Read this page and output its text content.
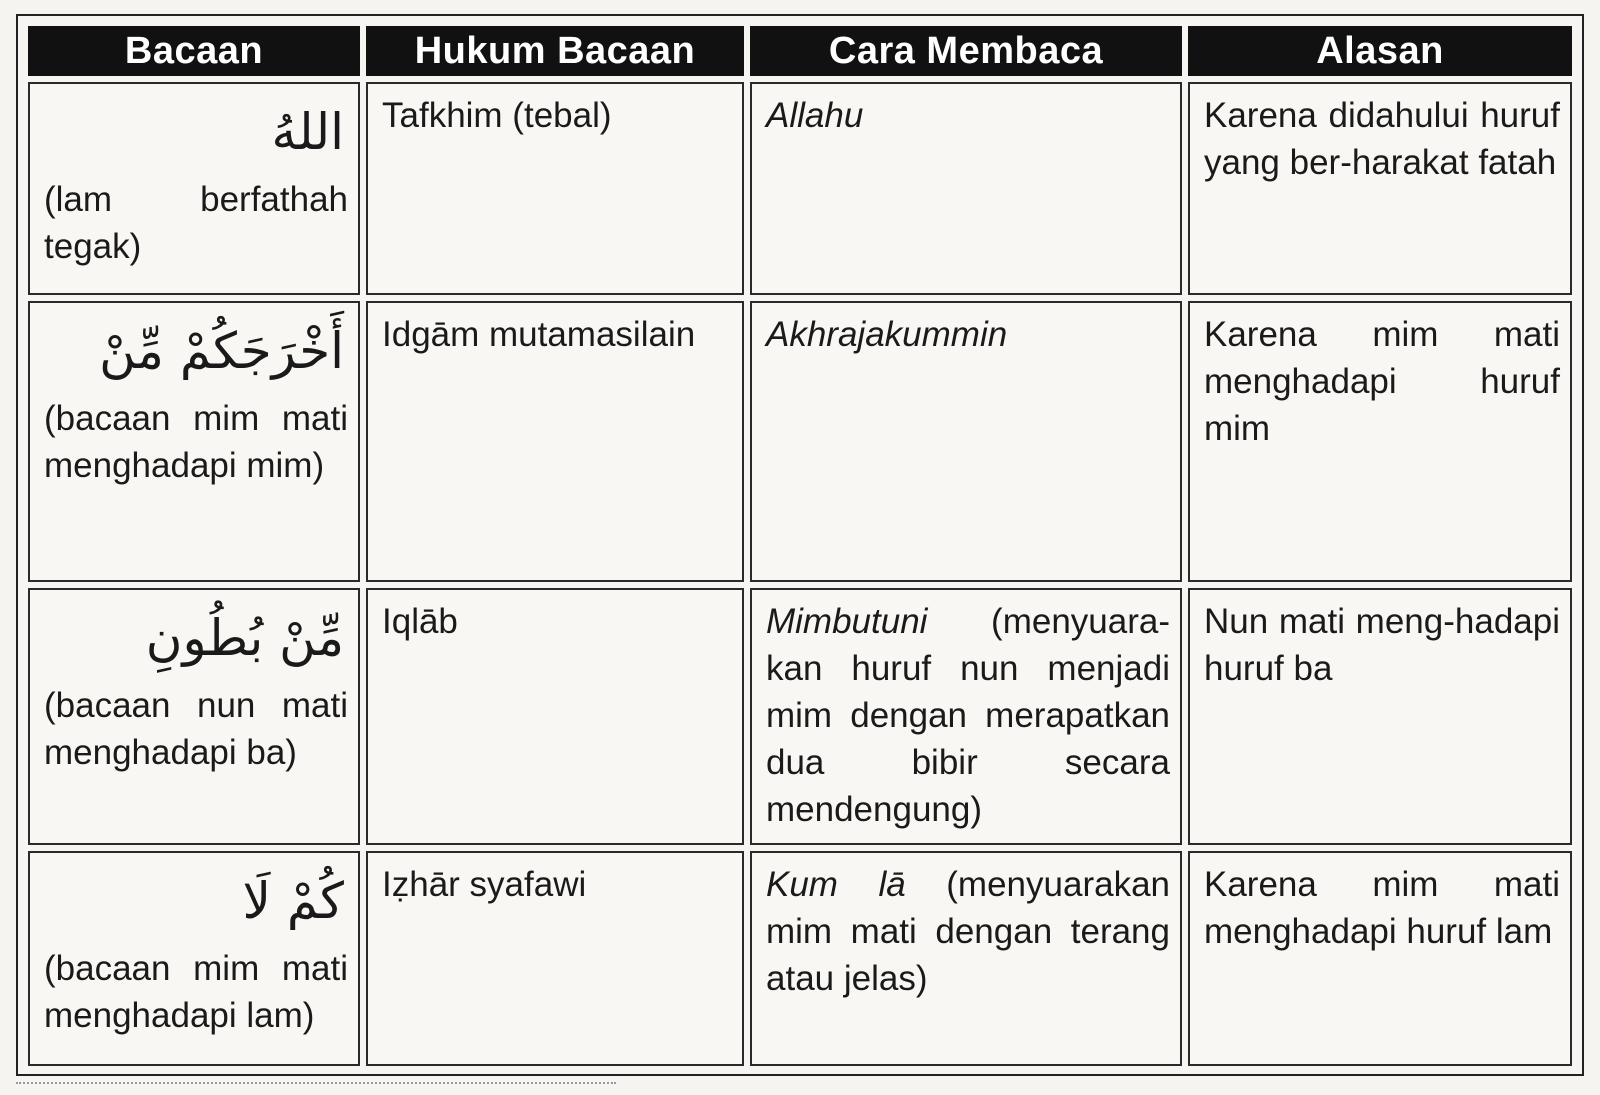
Bacaan	Hukum Bacaan	Cara Membaca	Alasan

اللهُ
(lam berfathah tegak)	Tafkhim (tebal)	Allahu	Karena didahului huruf yang ber-harakat fatah

أَخْرَجَكُمْ مِّنْ
(bacaan mim mati menghadapi mim)	Idgām mutamasilain	Akhrajakummin	Karena mim mati menghadapi huruf mim

مِّنْ بُطُونِ
(bacaan nun mati menghadapi ba)	Iqlāb	Mimbutuni (menyuara-kan huruf nun menjadi mim dengan merapatkan dua bibir secara mendengung)	Nun mati meng-hadapi huruf ba

كُمْ لَا
(bacaan mim mati menghadapi lam)	Iẓhār syafawi	Kum lā (menyuarakan mim mati dengan terang atau jelas)	Karena mim mati menghadapi huruf lam
